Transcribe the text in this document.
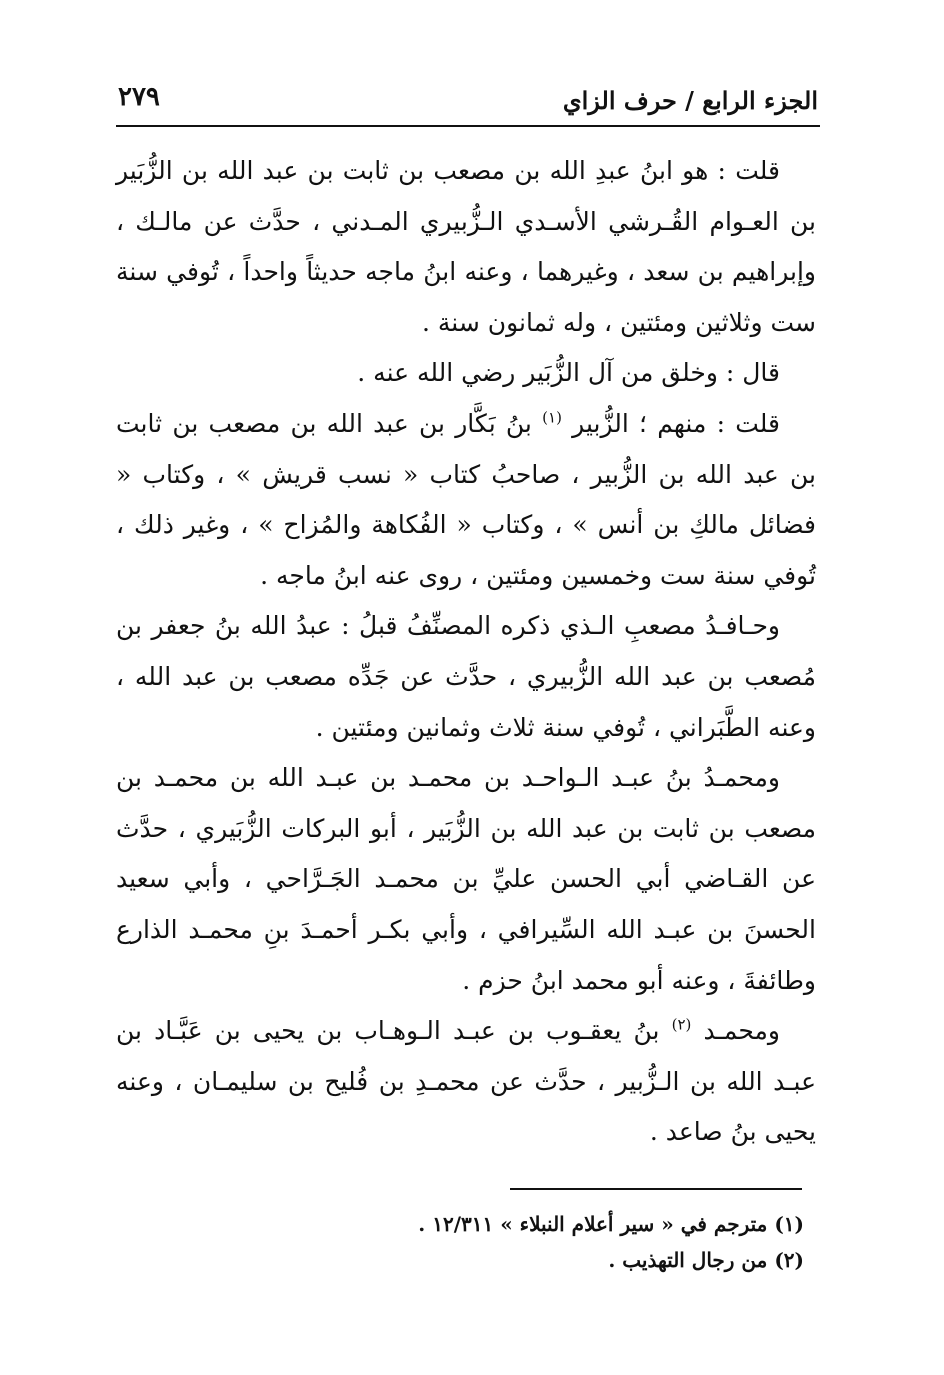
الجزء الرابع / حرف الزاي
٢٧٩

قلت : هو ابنُ عبدِ الله بن مصعب بن ثابت بن عبد الله بن الزُّبَير بن العـوام القُـرشي الأسـدي الـزُّبيري المـدني ، حدَّث عن مالـك ، وإبراهيم بن سعد ، وغيرهما ، وعنه ابنُ ماجه حديثاً واحداً ، تُوفي سنة ست وثلاثين ومئتين ، وله ثمانون سنة .

قال : وخلق من آل الزُّبَير رضي الله عنه .

قلت : منهم ؛ الزُّبير $^{(١)}$ بنُ بَكَّار بن عبد الله بن مصعب بن ثابت بن عبد الله بن الزُّبير ، صاحبُ كتاب « نسب قريش » ، وكتاب « فضائل مالكِ بن أنس » ، وكتاب « الفُكاهة والمُزاح » ، وغير ذلك ، تُوفي سنة ست وخمسين ومئتين ، روى عنه ابنُ ماجه .

وحـافـدُ مصعبِ الـذي ذكره المصنِّفُ قبلُ : عبدُ الله بنُ جعفر بن مُصعب بن عبد الله الزُّبيري ، حدَّث عن جَدِّه مصعب بن عبد الله ، وعنه الطَّبَراني ، تُوفي سنة ثلاث وثمانين ومئتين .

ومحمـدُ بنُ عبـد الـواحـد بن محمـد بن عبـد الله بن محمـد بن مصعب بن ثابت بن عبد الله بن الزُّبَير ، أبو البركات الزُّبَيري ، حدَّث عن القـاضي أبي الحسن عليِّ بن محمـد الجَـرَّاحي ، وأبي سعيد الحسنَ بن عبـد الله السِّيرافي ، وأبي بكـر أحمـدَ بنِ محمـد الذارع وطائفةَ ، وعنه أبو محمد ابنُ حزم .

ومحمـد $^{(٢)}$ بنُ يعقـوب بن عبـد الـوهـاب بن يحيى بن عَبَّـاد بن عبـد الله بن الـزُّبير ، حدَّث عن محمـدِ بن فُليح بن سليمـان ، وعنه يحيى بنُ صاعد .

(١) مترجم في « سير أعلام النبلاء » ١٢/٣١١ .
(٢) من رجال التهذيب .
